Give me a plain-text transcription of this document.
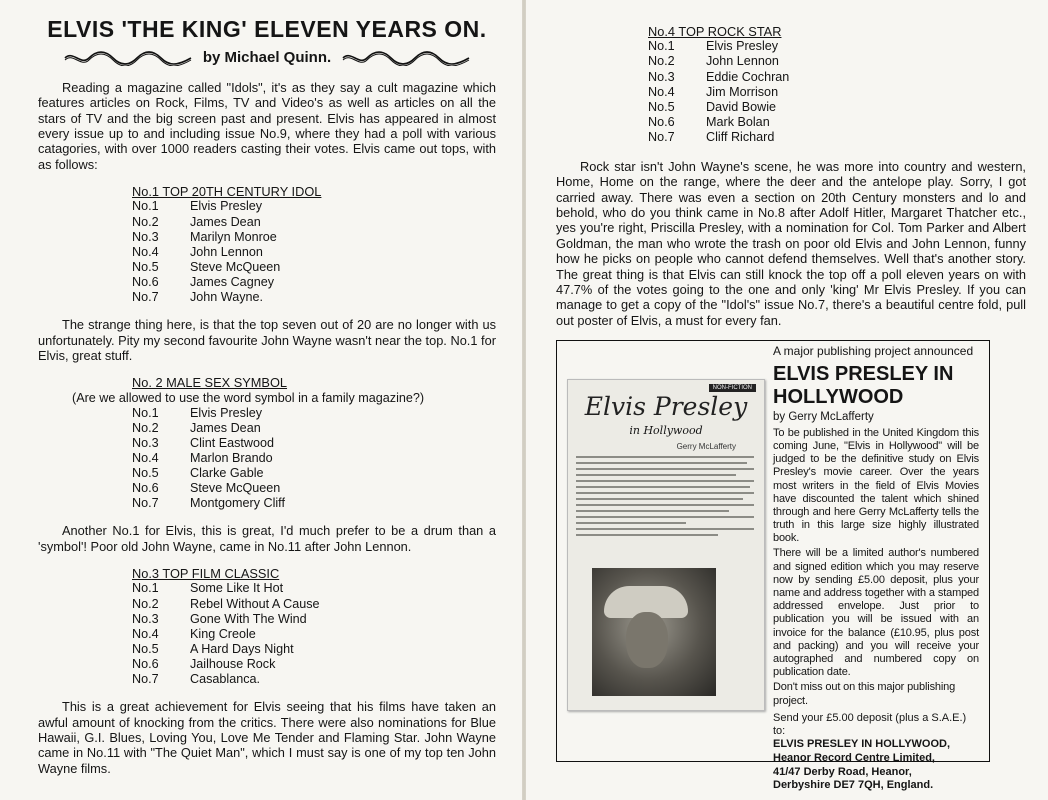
ELVIS 'THE KING' ELEVEN YEARS ON.
by Michael Quinn.

Reading a magazine called "Idols", it's as they say a cult magazine which features articles on Rock, Films, TV and Video's as well as articles on all the stars of TV and the big screen past and present. Elvis has appeared in almost every issue up to and including issue No.9, where they had a poll with various catagories, with over 1000 readers casting their votes. Elvis came out tops, with as follows:

No.1 TOP 20TH CENTURY IDOL
No.1	Elvis Presley
No.2	James Dean
No.3	Marilyn Monroe
No.4	John Lennon
No.5	Steve McQueen
No.6	James Cagney
No.7	John Wayne.

The strange thing here, is that the top seven out of 20 are no longer with us unfortunately. Pity my second favourite John Wayne wasn't near the top. No.1 for Elvis, great stuff.

No. 2 MALE SEX SYMBOL
(Are we allowed to use the word symbol in a family magazine?)
No.1	Elvis Presley
No.2	James Dean
No.3	Clint Eastwood
No.4	Marlon Brando
No.5	Clarke Gable
No.6	Steve McQueen
No.7	Montgomery Cliff

Another No.1 for Elvis, this is great, I'd much prefer to be a drum than a 'symbol'! Poor old John Wayne, came in No.11 after John Lennon.

No.3 TOP FILM CLASSIC
No.1	Some Like It Hot
No.2	Rebel Without A Cause
No.3	Gone With The Wind
No.4	King Creole
No.5	A Hard Days Night
No.6	Jailhouse Rock
No.7	Casablanca.

This is a great achievement for Elvis seeing that his films have taken an awful amount of knocking from the critics. There were also nominations for Blue Hawaii, G.I. Blues, Loving You, Love Me Tender and Flaming Star. John Wayne came in No.11 with "The Quiet Man", which I must say is one of my top ten John Wayne films.

No.4 TOP ROCK STAR
No.1	Elvis Presley
No.2	John Lennon
No.3	Eddie Cochran
No.4	Jim Morrison
No.5	David Bowie
No.6	Mark Bolan
No.7	Cliff Richard

Rock star isn't John Wayne's scene, he was more into country and western, Home, Home on the range, where the deer and the antelope play. Sorry, I got carried away. There was even a section on 20th Century monsters and lo and behold, who do you think came in No.8 after Adolf Hitler, Margaret Thatcher etc., yes you're right, Priscilla Presley, with a nomination for Col. Tom Parker and Albert Goldman, the man who wrote the trash on poor old Elvis and John Lennon, funny how he picks on people who cannot defend themselves. Well that's another story. The great thing is that Elvis can still knock the top off a poll eleven years on with 47.7% of the votes going to the one and only 'king' Mr Elvis Presley. If you can manage to get a copy of the "Idol's" issue No.7, there's a beautiful centre fold, pull out poster of Elvis, a must for every fan.

NON-FICTION
Elvis Presley
in Hollywood
Gerry McLafferty
A major publishing project announced
ELVIS PRESLEY IN HOLLYWOOD
by Gerry McLafferty

To be published in the United Kingdom this coming June, "Elvis in Hollywood" will be judged to be the definitive study on Elvis Presley's movie career. Over the years most writers in the field of Elvis Movies have discounted the talent which shined through and here Gerry McLafferty tells the truth in this large size highly illustrated book.

There will be a limited author's numbered and signed edition which you may reserve now by sending £5.00 deposit, plus your name and address together with a stamped addressed envelope. Just prior to publication you will be issued with an invoice for the balance (£10.95, plus post and packing) and you will receive your autographed and numbered copy on publication date.

Don't miss out on this major publishing project.

Send your £5.00 deposit (plus a S.A.E.) to:
ELVIS PRESLEY IN HOLLYWOOD,
Heanor Record Centre Limited,
41/47 Derby Road, Heanor,
Derbyshire DE7 7QH, England.
